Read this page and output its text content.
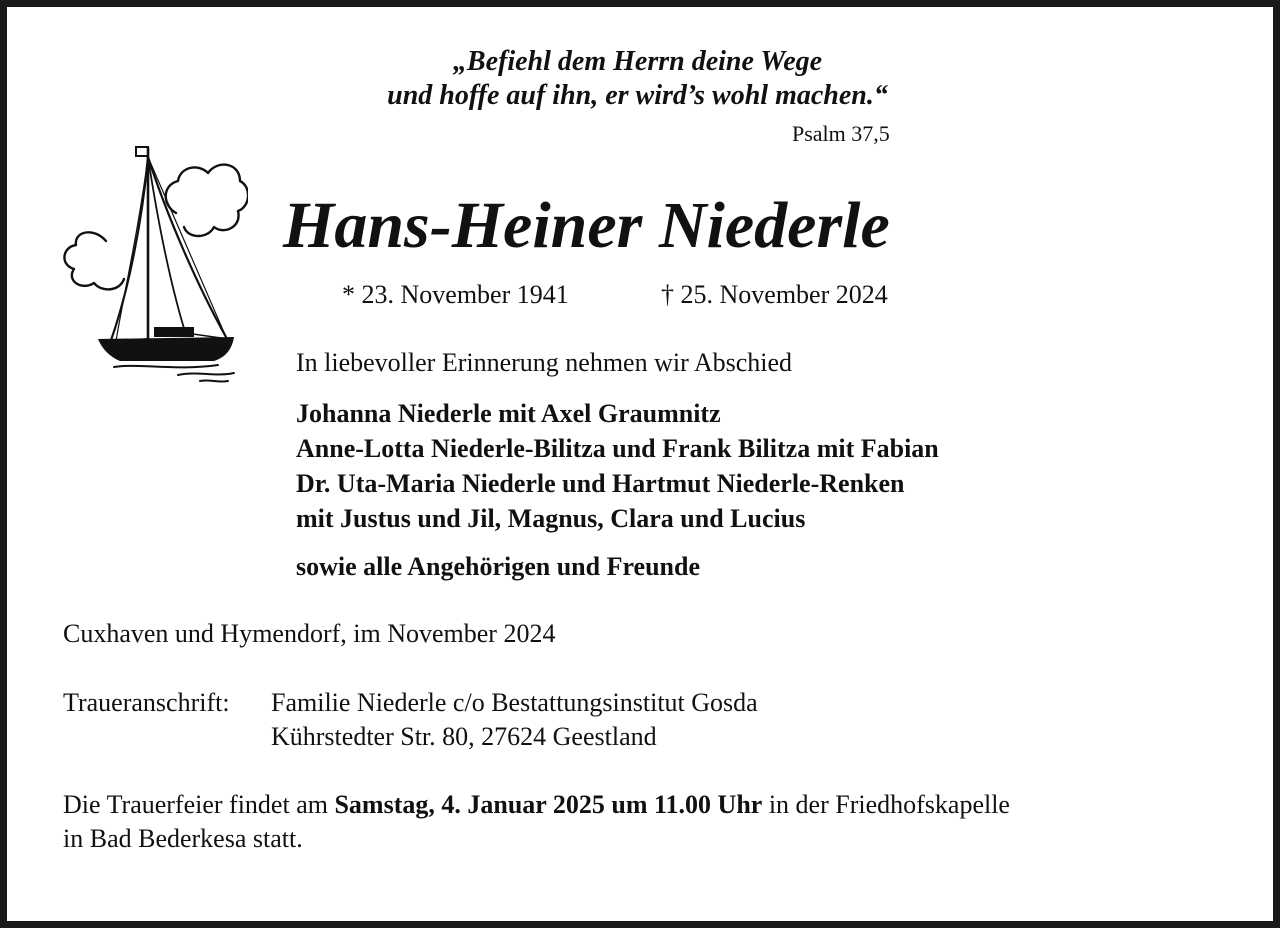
„Befiehl dem Herrn deine Wege
und hoffe auf ihn, er wird’s wohl machen.“
Psalm 37,5
Hans-Heiner Niederle
* 23. November 1941	† 25. November 2024
In liebevoller Erinnerung nehmen wir Abschied
Johanna Niederle mit Axel Graumnitz
Anne-Lotta Niederle-Bilitza und Frank Bilitza mit Fabian
Dr. Uta-Maria Niederle und Hartmut Niederle-Renken
mit Justus und Jil, Magnus, Clara und Lucius
sowie alle Angehörigen und Freunde
Cuxhaven und Hymendorf, im November 2024
Traueranschrift: Familie Niederle c/o Bestattungsinstitut Gosda
Kührstedter Str. 80, 27624 Geestland
Die Trauerfeier findet am Samstag, 4. Januar 2025 um 11.00 Uhr in der Friedhofskapelle
in Bad Bederkesa statt.
